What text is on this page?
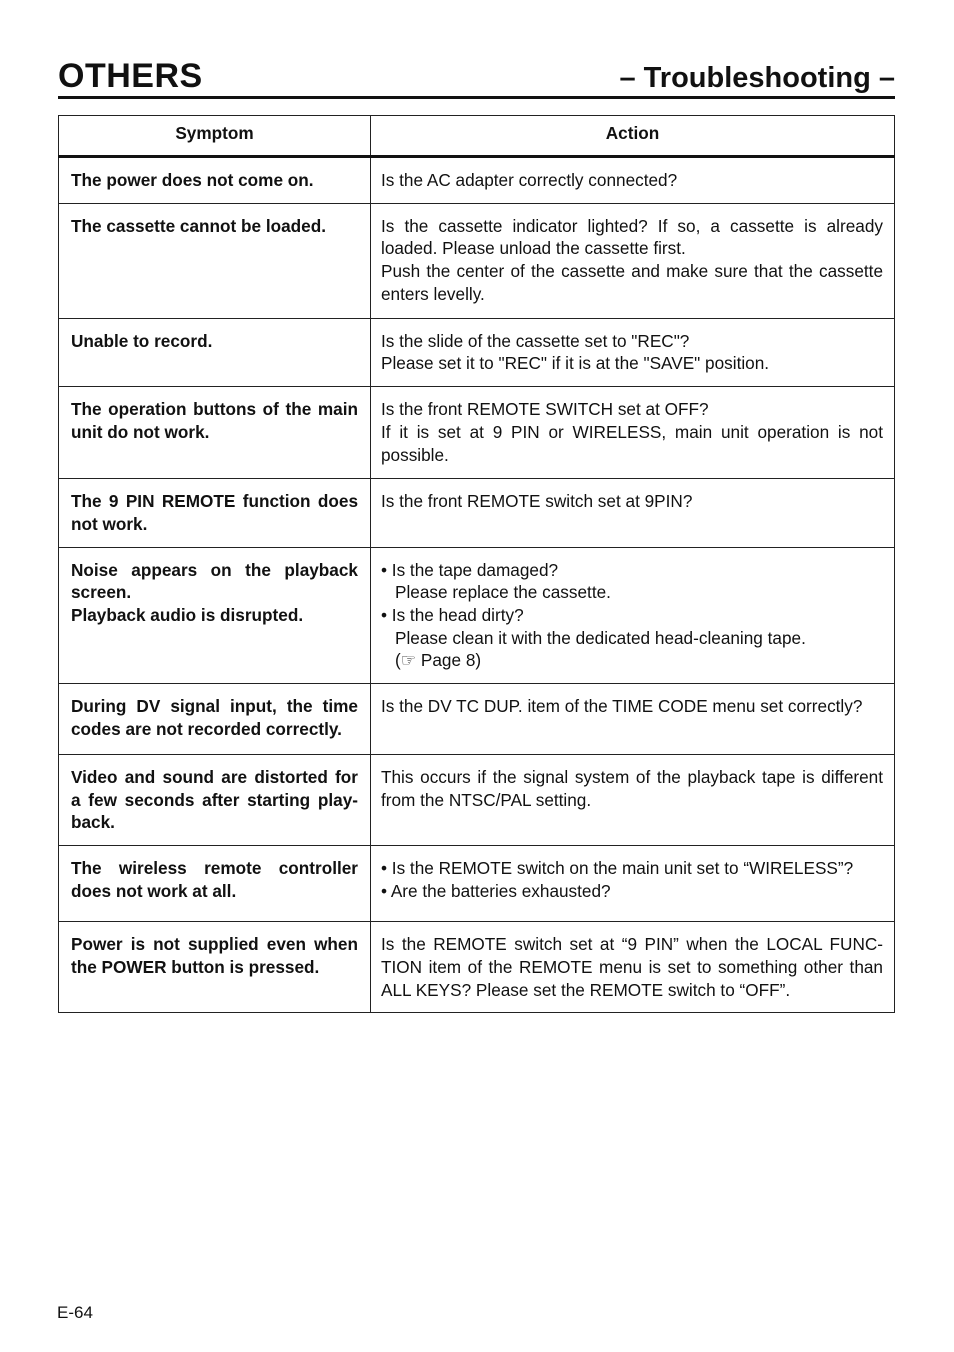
OTHERS	– Troubleshooting –
Symptom	Action

The power does not come on.	Is the AC adapter correctly connected?

The cassette cannot be loaded.	Is the cassette indicator lighted? If so, a cassette is already loaded. Please unload the cassette first.
Push the center of the cassette and make sure that the cassette enters levelly.

Unable to record.	Is the slide of the cassette set to "REC"?
Please set it to "REC" if it is at the "SAVE" position.

The operation buttons of the main unit do not work.	Is the front REMOTE SWITCH set at OFF?
If it is set at 9 PIN or WIRELESS, main unit operation is not possible.

The 9 PIN REMOTE function does not work.	Is the front REMOTE switch set at 9PIN?

Noise appears on the playback screen.
Playback audio is disrupted.	• Is the tape damaged?
Please replace the cassette.
• Is the head dirty?
Please clean it with the dedicated head-cleaning tape.
(☞ Page 8)

During DV signal input, the time codes are not recorded correctly.	Is the DV TC DUP. item of the TIME CODE menu set correctly?

Video and sound are distorted for a few seconds after starting play-back.	This occurs if the signal system of the playback tape is different from the NTSC/PAL setting.

The wireless remote controller does not work at all.	• Is the REMOTE switch on the main unit set to “WIRELESS”?
• Are the batteries exhausted?

Power is not supplied even when the POWER button is pressed.	Is the REMOTE switch set at “9 PIN” when the LOCAL FUNC-TION item of the REMOTE menu is set to something other than ALL KEYS? Please set the REMOTE switch to “OFF”.
E-64
